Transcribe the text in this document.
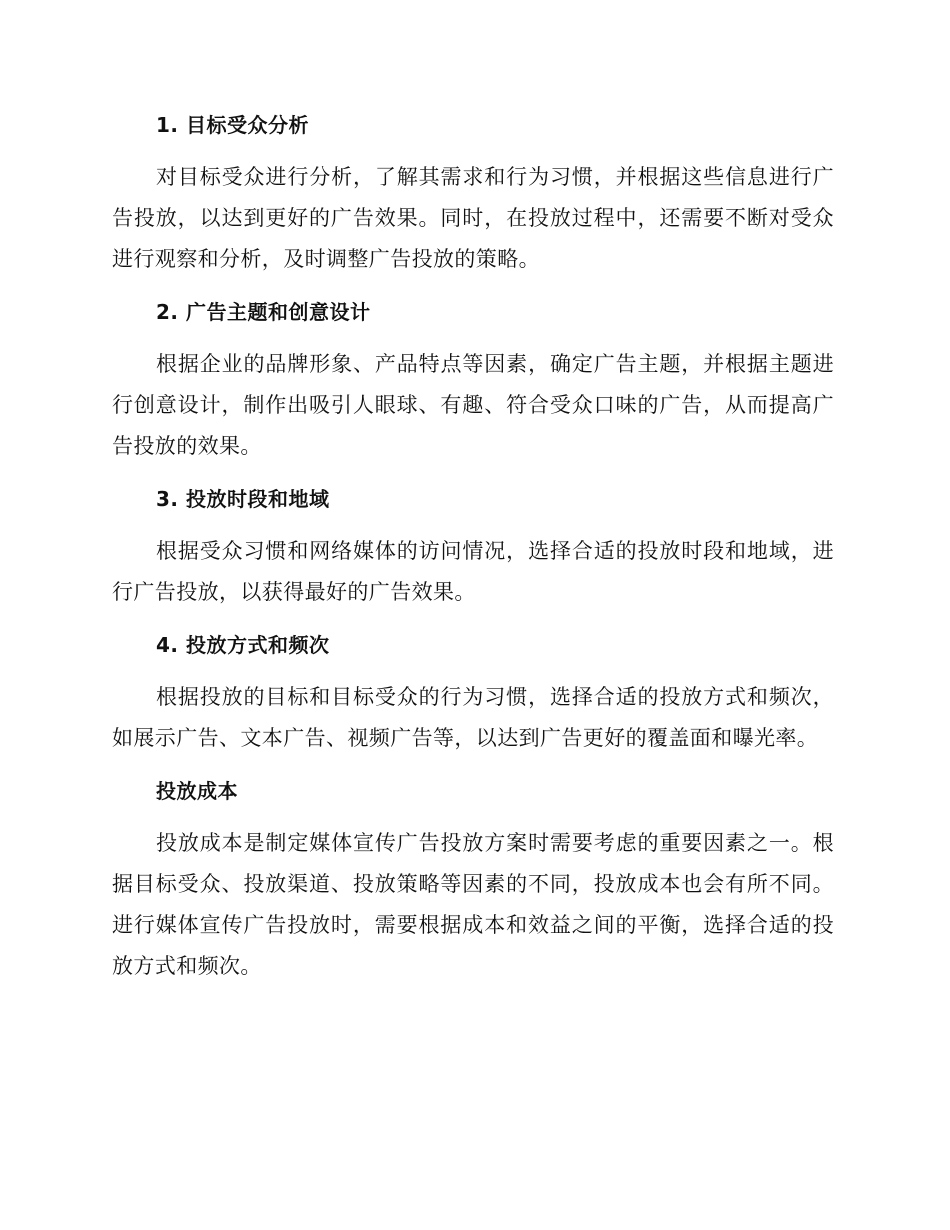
1. 目标受众分析
对目标受众进行分析，了解其需求和行为习惯，并根据这些信息进行广告投放，以达到更好的广告效果。同时，在投放过程中，还需要不断对受众进行观察和分析，及时调整广告投放的策略。
2. 广告主题和创意设计
根据企业的品牌形象、产品特点等因素，确定广告主题，并根据主题进行创意设计，制作出吸引人眼球、有趣、符合受众口味的广告，从而提高广告投放的效果。
3. 投放时段和地域
根据受众习惯和网络媒体的访问情况，选择合适的投放时段和地域，进行广告投放，以获得最好的广告效果。
4. 投放方式和频次
根据投放的目标和目标受众的行为习惯，选择合适的投放方式和频次，如展示广告、文本广告、视频广告等，以达到广告更好的覆盖面和曝光率。
投放成本
投放成本是制定媒体宣传广告投放方案时需要考虑的重要因素之一。根据目标受众、投放渠道、投放策略等因素的不同，投放成本也会有所不同。进行媒体宣传广告投放时，需要根据成本和效益之间的平衡，选择合适的投放方式和频次。
